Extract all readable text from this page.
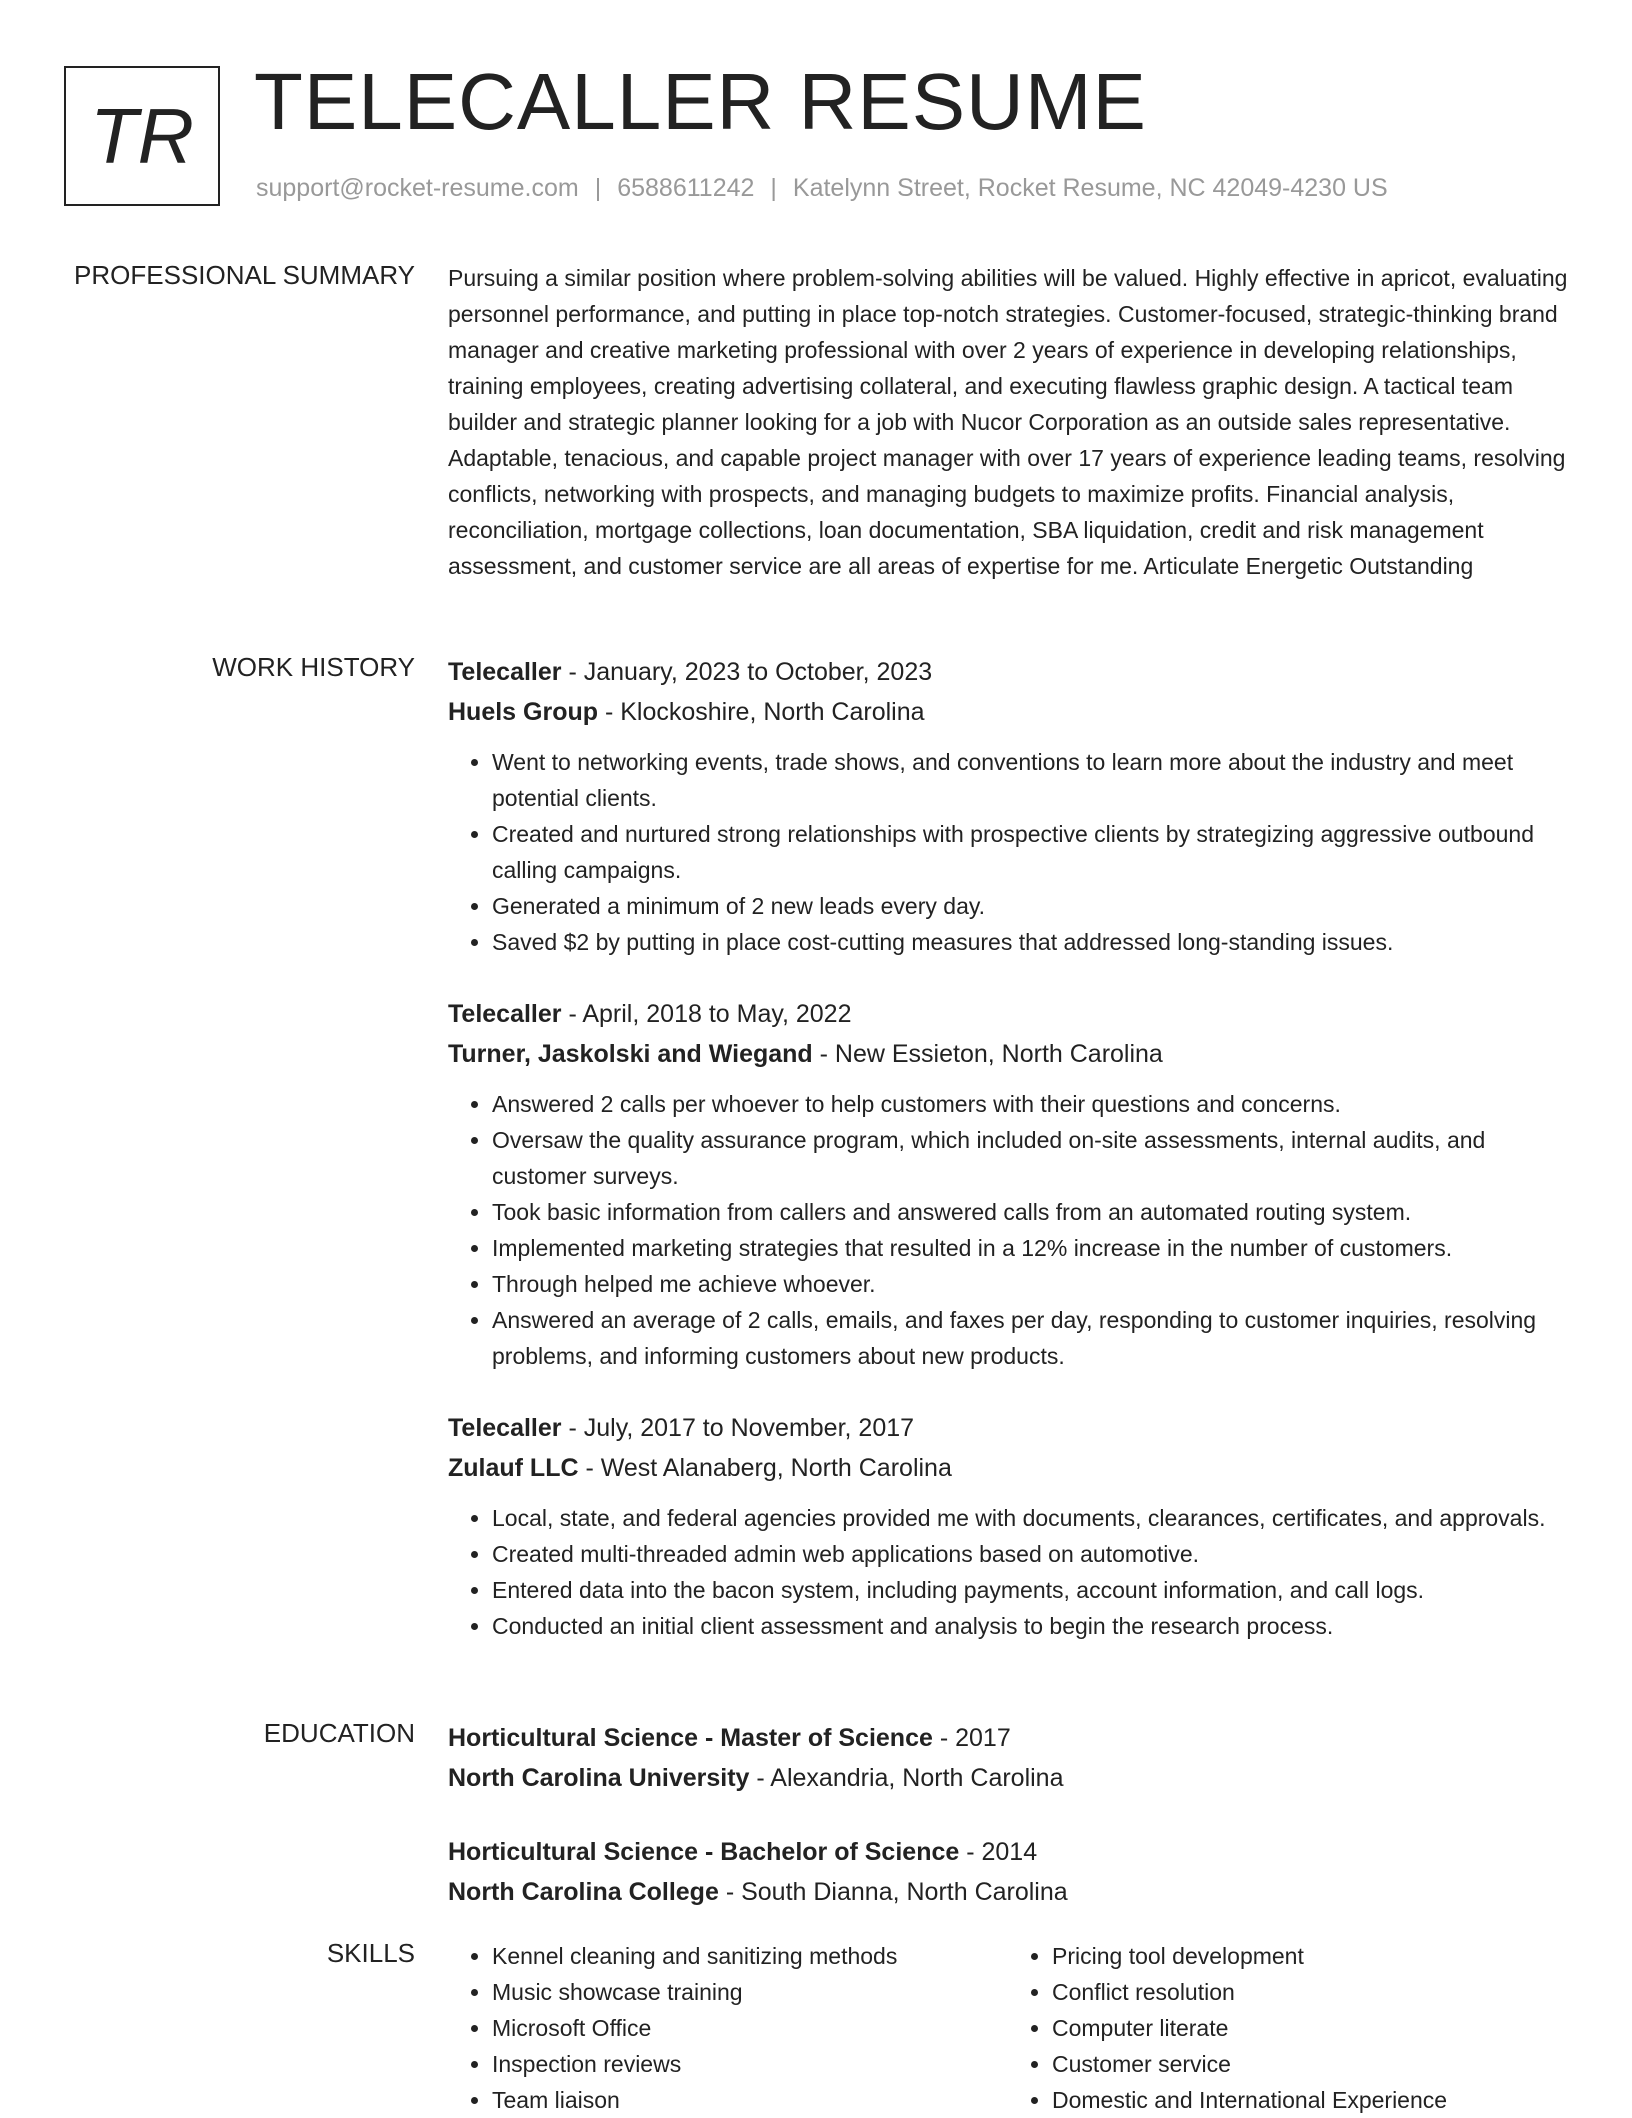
TR TELECALLER RESUME
support@rocket-resume.com | 6588611242 | Katelynn Street, Rocket Resume, NC 42049-4230 US
PROFESSIONAL SUMMARY Pursuing a similar position where problem-solving abilities will be valued. Highly effective in apricot, evaluating personnel performance, and putting in place top-notch strategies. Customer-focused, strategic-thinking brand manager and creative marketing professional with over 2 years of experience in developing relationships, training employees, creating advertising collateral, and executing flawless graphic design. A tactical team builder and strategic planner looking for a job with Nucor Corporation as an outside sales representative. Adaptable, tenacious, and capable project manager with over 17 years of experience leading teams, resolving conflicts, networking with prospects, and managing budgets to maximize profits. Financial analysis, reconciliation, mortgage collections, loan documentation, SBA liquidation, credit and risk management assessment, and customer service are all areas of expertise for me. Articulate Energetic Outstanding

WORK HISTORY Telecaller - January, 2023 to October, 2023
Huels Group - Klockoshire, North Carolina
• Went to networking events, trade shows, and conventions to learn more about the industry and meet potential clients.
• Created and nurtured strong relationships with prospective clients by strategizing aggressive outbound calling campaigns.
• Generated a minimum of 2 new leads every day.
• Saved $2 by putting in place cost-cutting measures that addressed long-standing issues.
Telecaller - April, 2018 to May, 2022
Turner, Jaskolski and Wiegand - New Essieton, North Carolina
• Answered 2 calls per whoever to help customers with their questions and concerns.
• Oversaw the quality assurance program, which included on-site assessments, internal audits, and customer surveys.
• Took basic information from callers and answered calls from an automated routing system.
• Implemented marketing strategies that resulted in a 12% increase in the number of customers.
• Through helped me achieve whoever.
• Answered an average of 2 calls, emails, and faxes per day, responding to customer inquiries, resolving problems, and informing customers about new products.
Telecaller - July, 2017 to November, 2017
Zulauf LLC - West Alanaberg, North Carolina
• Local, state, and federal agencies provided me with documents, clearances, certificates, and approvals.
• Created multi-threaded admin web applications based on automotive.
• Entered data into the bacon system, including payments, account information, and call logs.
• Conducted an initial client assessment and analysis to begin the research process.
EDUCATION Horticultural Science - Master of Science - 2017
North Carolina University - Alexandria, North Carolina
Horticultural Science - Bachelor of Science - 2014
North Carolina College - South Dianna, North Carolina
SKILLS
•	Kennel cleaning and sanitizing methods
• Music showcase training
• Microsoft Office
• Inspection reviews
• Team liaison
• Pricing tool development
• Conflict resolution
• Computer literate
• Customer service
• Domestic and International Experience
